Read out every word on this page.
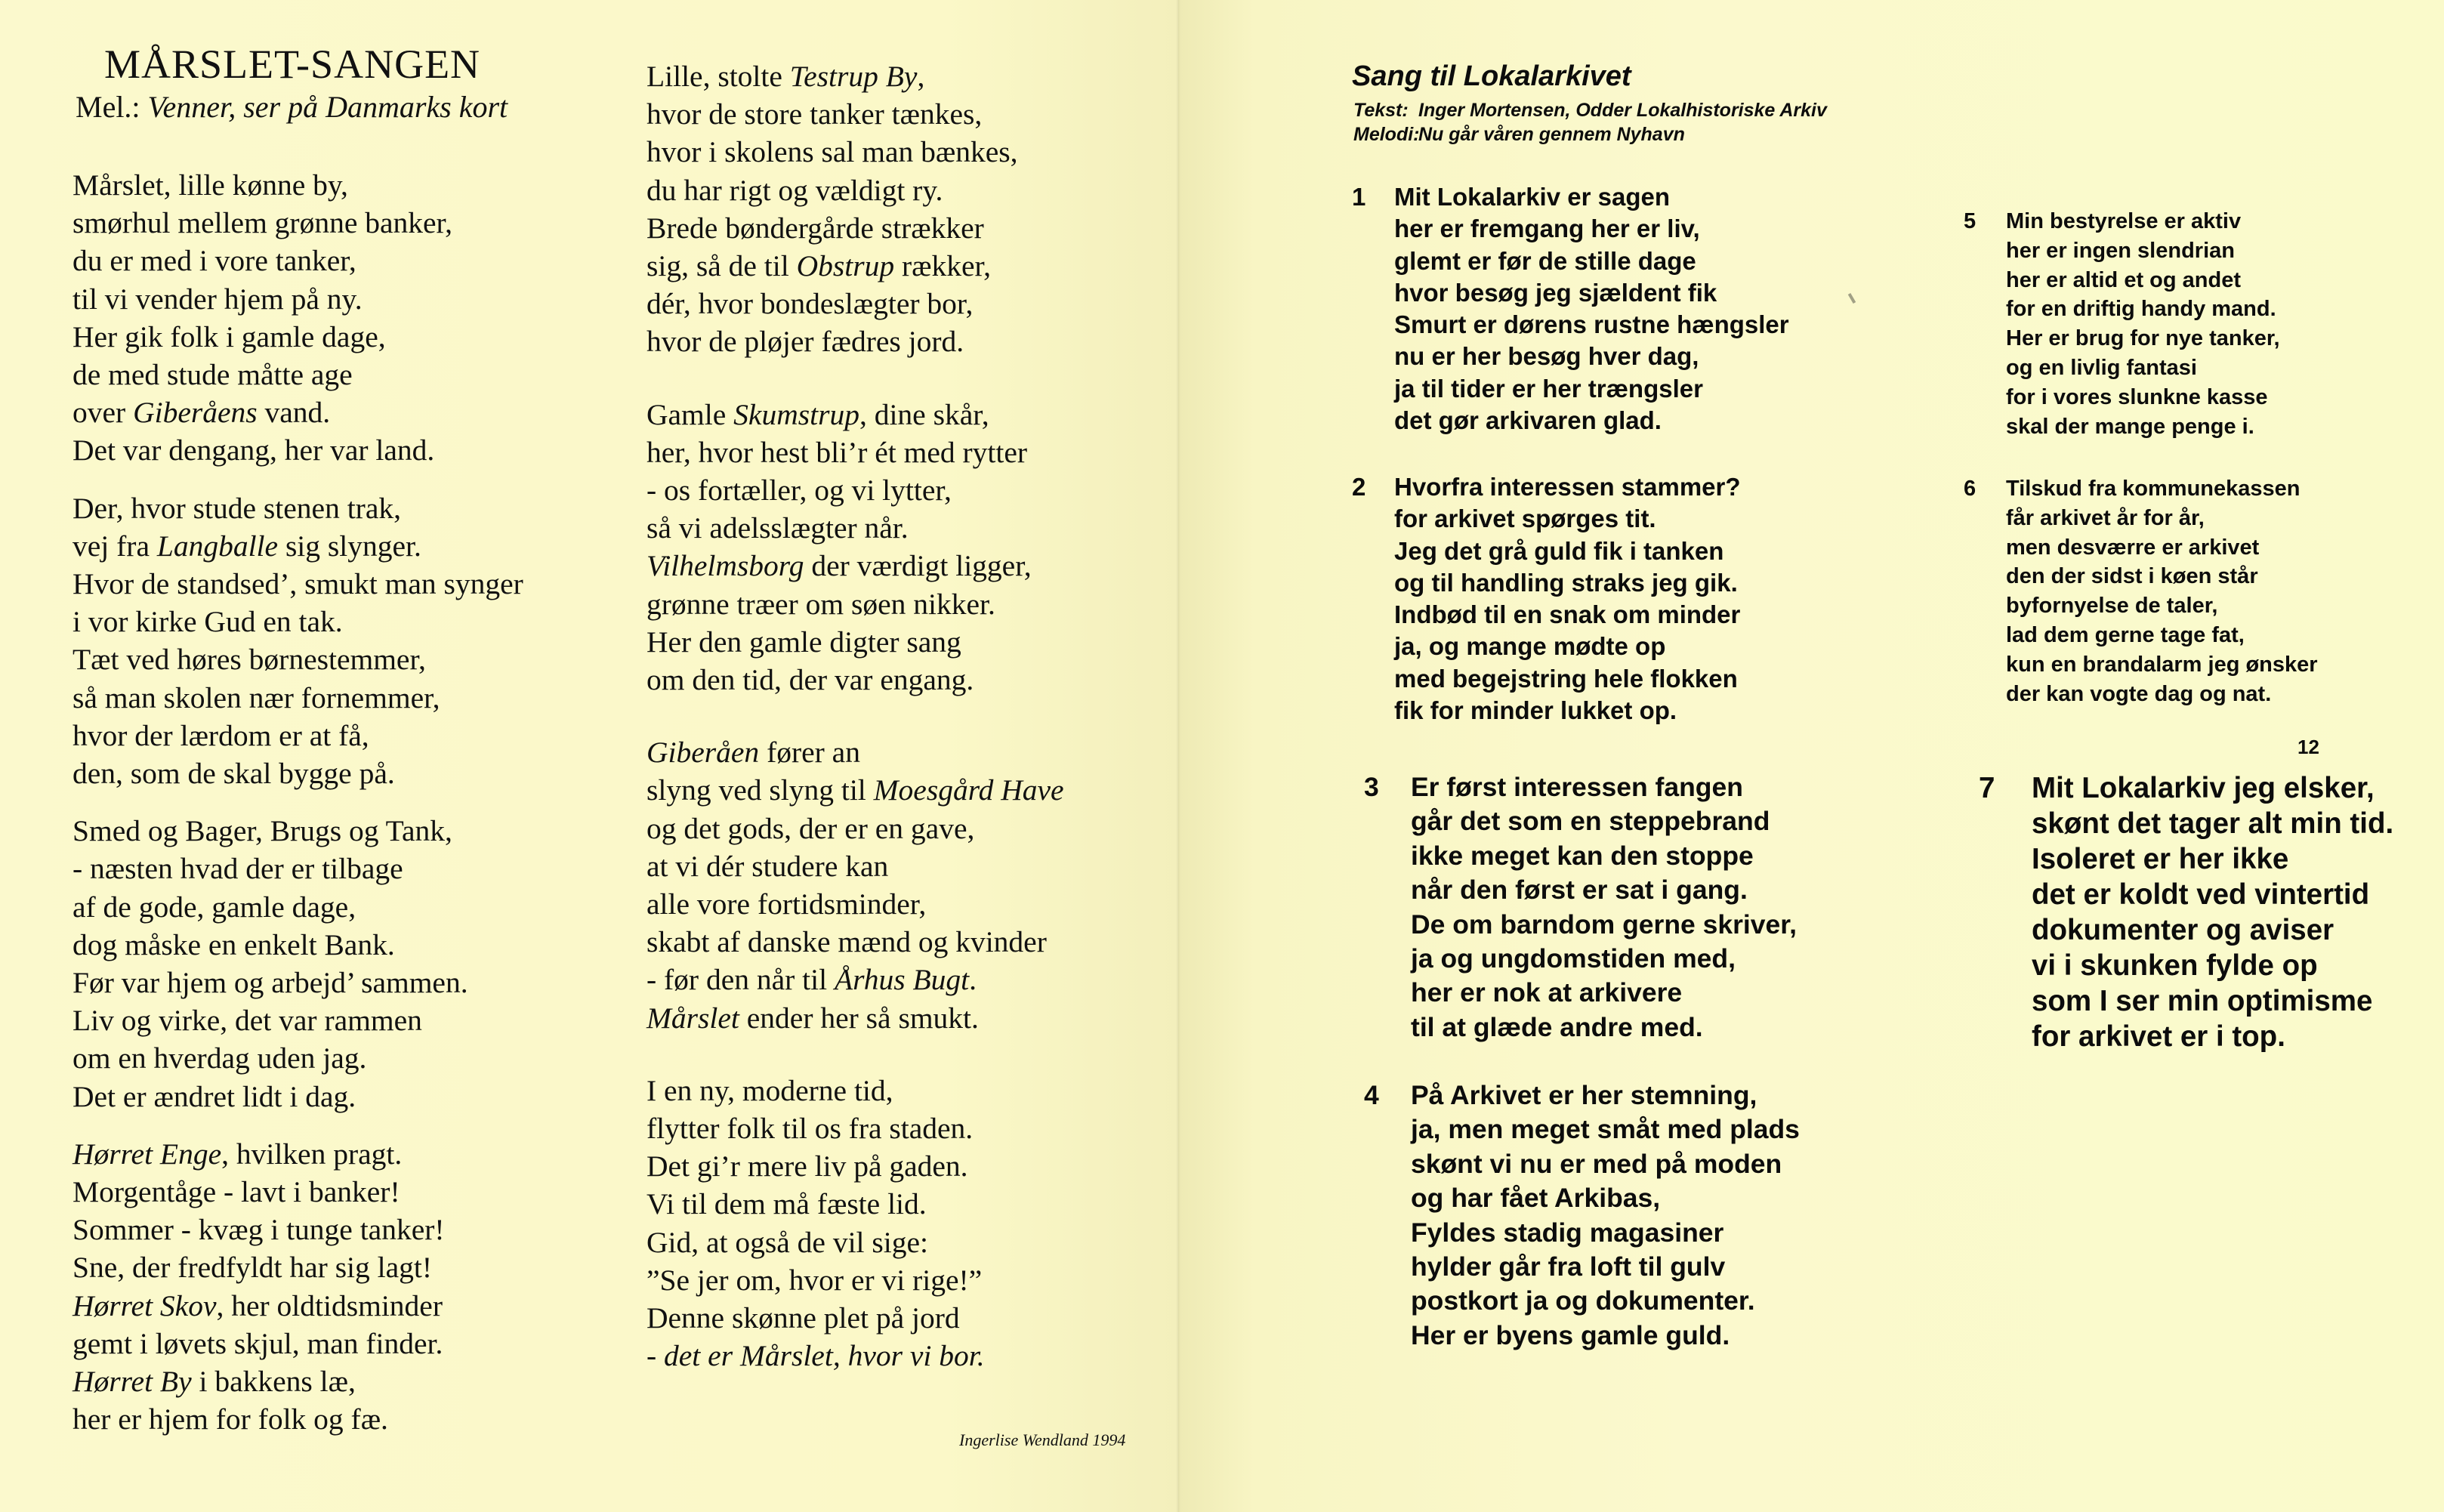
MÅRSLET-SANGEN
Mel.: Venner, ser på Danmarks kort
Mårslet, lille kønne by,
smørhul mellem grønne banker,
du er med i vore tanker,
til vi vender hjem på ny.
Her gik folk i gamle dage,
de med stude måtte age
over Giberåens vand.
Det var dengang, her var land.
Der, hvor stude stenen trak,
vej fra Langballe sig slynger.
Hvor de standsed’, smukt man synger
i vor kirke Gud en tak.
Tæt ved høres børnestemmer,
så man skolen nær fornemmer,
hvor der lærdom er at få,
den, som de skal bygge på.
Smed og Bager, Brugs og Tank,
- næsten hvad der er tilbage
af de gode, gamle dage,
dog måske en enkelt Bank.
Før var hjem og arbejd’ sammen.
Liv og virke, det var rammen
om en hverdag uden jag.
Det er ændret lidt i dag.
Hørret Enge, hvilken pragt.
Morgentåge - lavt i banker!
Sommer - kvæg i tunge tanker!
Sne, der fredfyldt har sig lagt!
Hørret Skov, her oldtidsminder
gemt i løvets skjul, man finder.
Hørret By i bakkens læ,
her er hjem for folk og fæ.
Lille, stolte Testrup By,
hvor de store tanker tænkes,
hvor i skolens sal man bænkes,
du har rigt og vældigt ry.
Brede bøndergårde strækker
sig, så de til Obstrup rækker,
dér, hvor bondeslægter bor,
hvor de pløjer fædres jord.
Gamle Skumstrup, dine skår,
her, hvor hest bli’r ét med rytter
- os fortæller, og vi lytter,
så vi adelsslægter når.
Vilhelmsborg der værdigt ligger,
grønne træer om søen nikker.
Her den gamle digter sang
om den tid, der var engang.
Giberåen fører an
slyng ved slyng til Moesgård Have
og det gods, der er en gave,
at vi dér studere kan
alle vore fortidsminder,
skabt af danske mænd og kvinder
- før den når til Århus Bugt.
Mårslet ender her så smukt.
I en ny, moderne tid,
flytter folk til os fra staden.
Det gi’r mere liv på gaden.
Vi til dem må fæste lid.
Gid, at også de vil sige:
”Se jer om, hvor er vi rige!”
Denne skønne plet på jord
- det er Mårslet, hvor vi bor.
Ingerlise Wendland 1994
Sang til Lokalarkivet
Tekst: Inger Mortensen, Odder Lokalhistoriske Arkiv
Melodi:Nu går våren gennem Nyhavn
1 Mit Lokalarkiv er sagen
her er fremgang her er liv,
glemt er før de stille dage
hvor besøg jeg sjældent fik
Smurt er dørens rustne hængsler
nu er her besøg hver dag,
ja til tider er her trængsler
det gør arkivaren glad.
2 Hvorfra interessen stammer?
for arkivet spørges tit.
Jeg det grå guld fik i tanken
og til handling straks jeg gik.
Indbød til en snak om minder
ja, og mange mødte op
med begejstring hele flokken
fik for minder lukket op.
3 Er først interessen fangen
går det som en steppebrand
ikke meget kan den stoppe
når den først er sat i gang.
De om barndom gerne skriver,
ja og ungdomstiden med,
her er nok at arkivere
til at glæde andre med.
4 På Arkivet er her stemning,
ja, men meget småt med plads
skønt vi nu er med på moden
og har fået Arkibas,
Fyldes stadig magasiner
hylder går fra loft til gulv
postkort ja og dokumenter.
Her er byens gamle guld.
5 Min bestyrelse er aktiv
her er ingen slendrian
her er altid et og andet
for en driftig handy mand.
Her er brug for nye tanker,
og en livlig fantasi
for i vores slunkne kasse
skal der mange penge i.
6 Tilskud fra kommunekassen
får arkivet år for år,
men desværre er arkivet
den der sidst i køen står
byfornyelse de taler,
lad dem gerne tage fat,
kun en brandalarm jeg ønsker
der kan vogte dag og nat.
7 Mit Lokalarkiv jeg elsker,
skønt det tager alt min tid.
Isoleret er her ikke
det er koldt ved vintertid
dokumenter og aviser
vi i skunken fylde op
som I ser min optimisme
for arkivet er i top.
12
